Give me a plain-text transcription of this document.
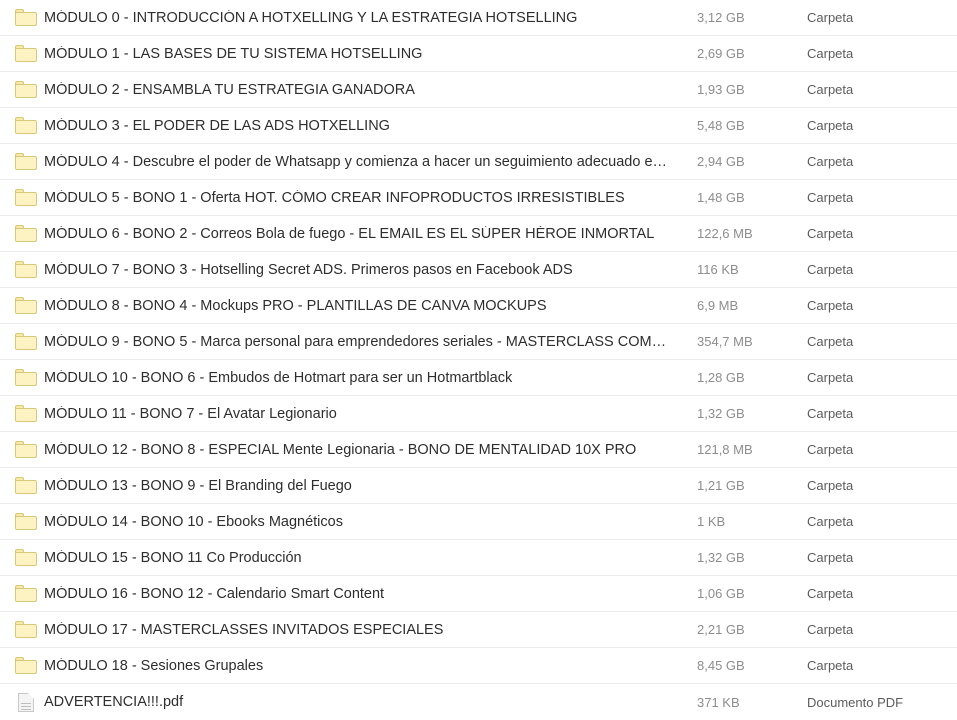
MÓDULO 0 - INTRODUCCIÓN A HOTXELLING Y LA ESTRATEGIA HOTSELLING	3,12 GB	Carpeta
MÓDULO 1 - LAS BASES DE TU SISTEMA HOTSELLING	2,69 GB	Carpeta
MÓDULO 2 - ENSAMBLA TU ESTRATEGIA GANADORA	1,93 GB	Carpeta
MÓDULO 3 - EL PODER DE LAS ADS HOTXELLING	5,48 GB	Carpeta
MÓDULO 4 - Descubre el poder de Whatsapp y comienza a hacer un seguimiento adecuado e…	2,94 GB	Carpeta
MÓDULO 5 - BONO 1 - Oferta HOT. CÓMO CREAR INFOPRODUCTOS IRRESISTIBLES	1,48 GB	Carpeta
MÓDULO 6 - BONO 2 - Correos Bola de fuego - EL EMAIL ES EL SÚPER HÉROE INMORTAL	122,6 MB	Carpeta
MÓDULO 7 - BONO 3 - Hotselling Secret ADS. Primeros pasos en Facebook ADS	116 KB	Carpeta
MÓDULO 8 - BONO 4 - Mockups PRO - PLANTILLAS DE CANVA MOCKUPS	6,9 MB	Carpeta
MÓDULO 9 - BONO 5 - Marca personal para emprendedores seriales - MASTERCLASS COM…	354,7 MB	Carpeta
MÓDULO 10 - BONO 6 - Embudos de Hotmart para ser un Hotmartblack	1,28 GB	Carpeta
MÓDULO 11 - BONO 7 - El Avatar Legionario	1,32 GB	Carpeta
MÓDULO 12 - BONO 8 - ESPECIAL Mente Legionaria - BONO DE MENTALIDAD 10X PRO	121,8 MB	Carpeta
MÓDULO 13 - BONO 9 - El Branding del Fuego	1,21 GB	Carpeta
MÓDULO 14 - BONO 10 - Ebooks Magnéticos	1 KB	Carpeta
MÓDULO 15 - BONO 11 Co Producción	1,32 GB	Carpeta
MÓDULO 16 - BONO 12 - Calendario Smart Content	1,06 GB	Carpeta
MÓDULO 17 - MASTERCLASSES INVITADOS ESPECIALES	2,21 GB	Carpeta
MÓDULO 18 - Sesiones Grupales	8,45 GB	Carpeta
ADVERTENCIA!!!.pdf	371 KB	Documento PDF
